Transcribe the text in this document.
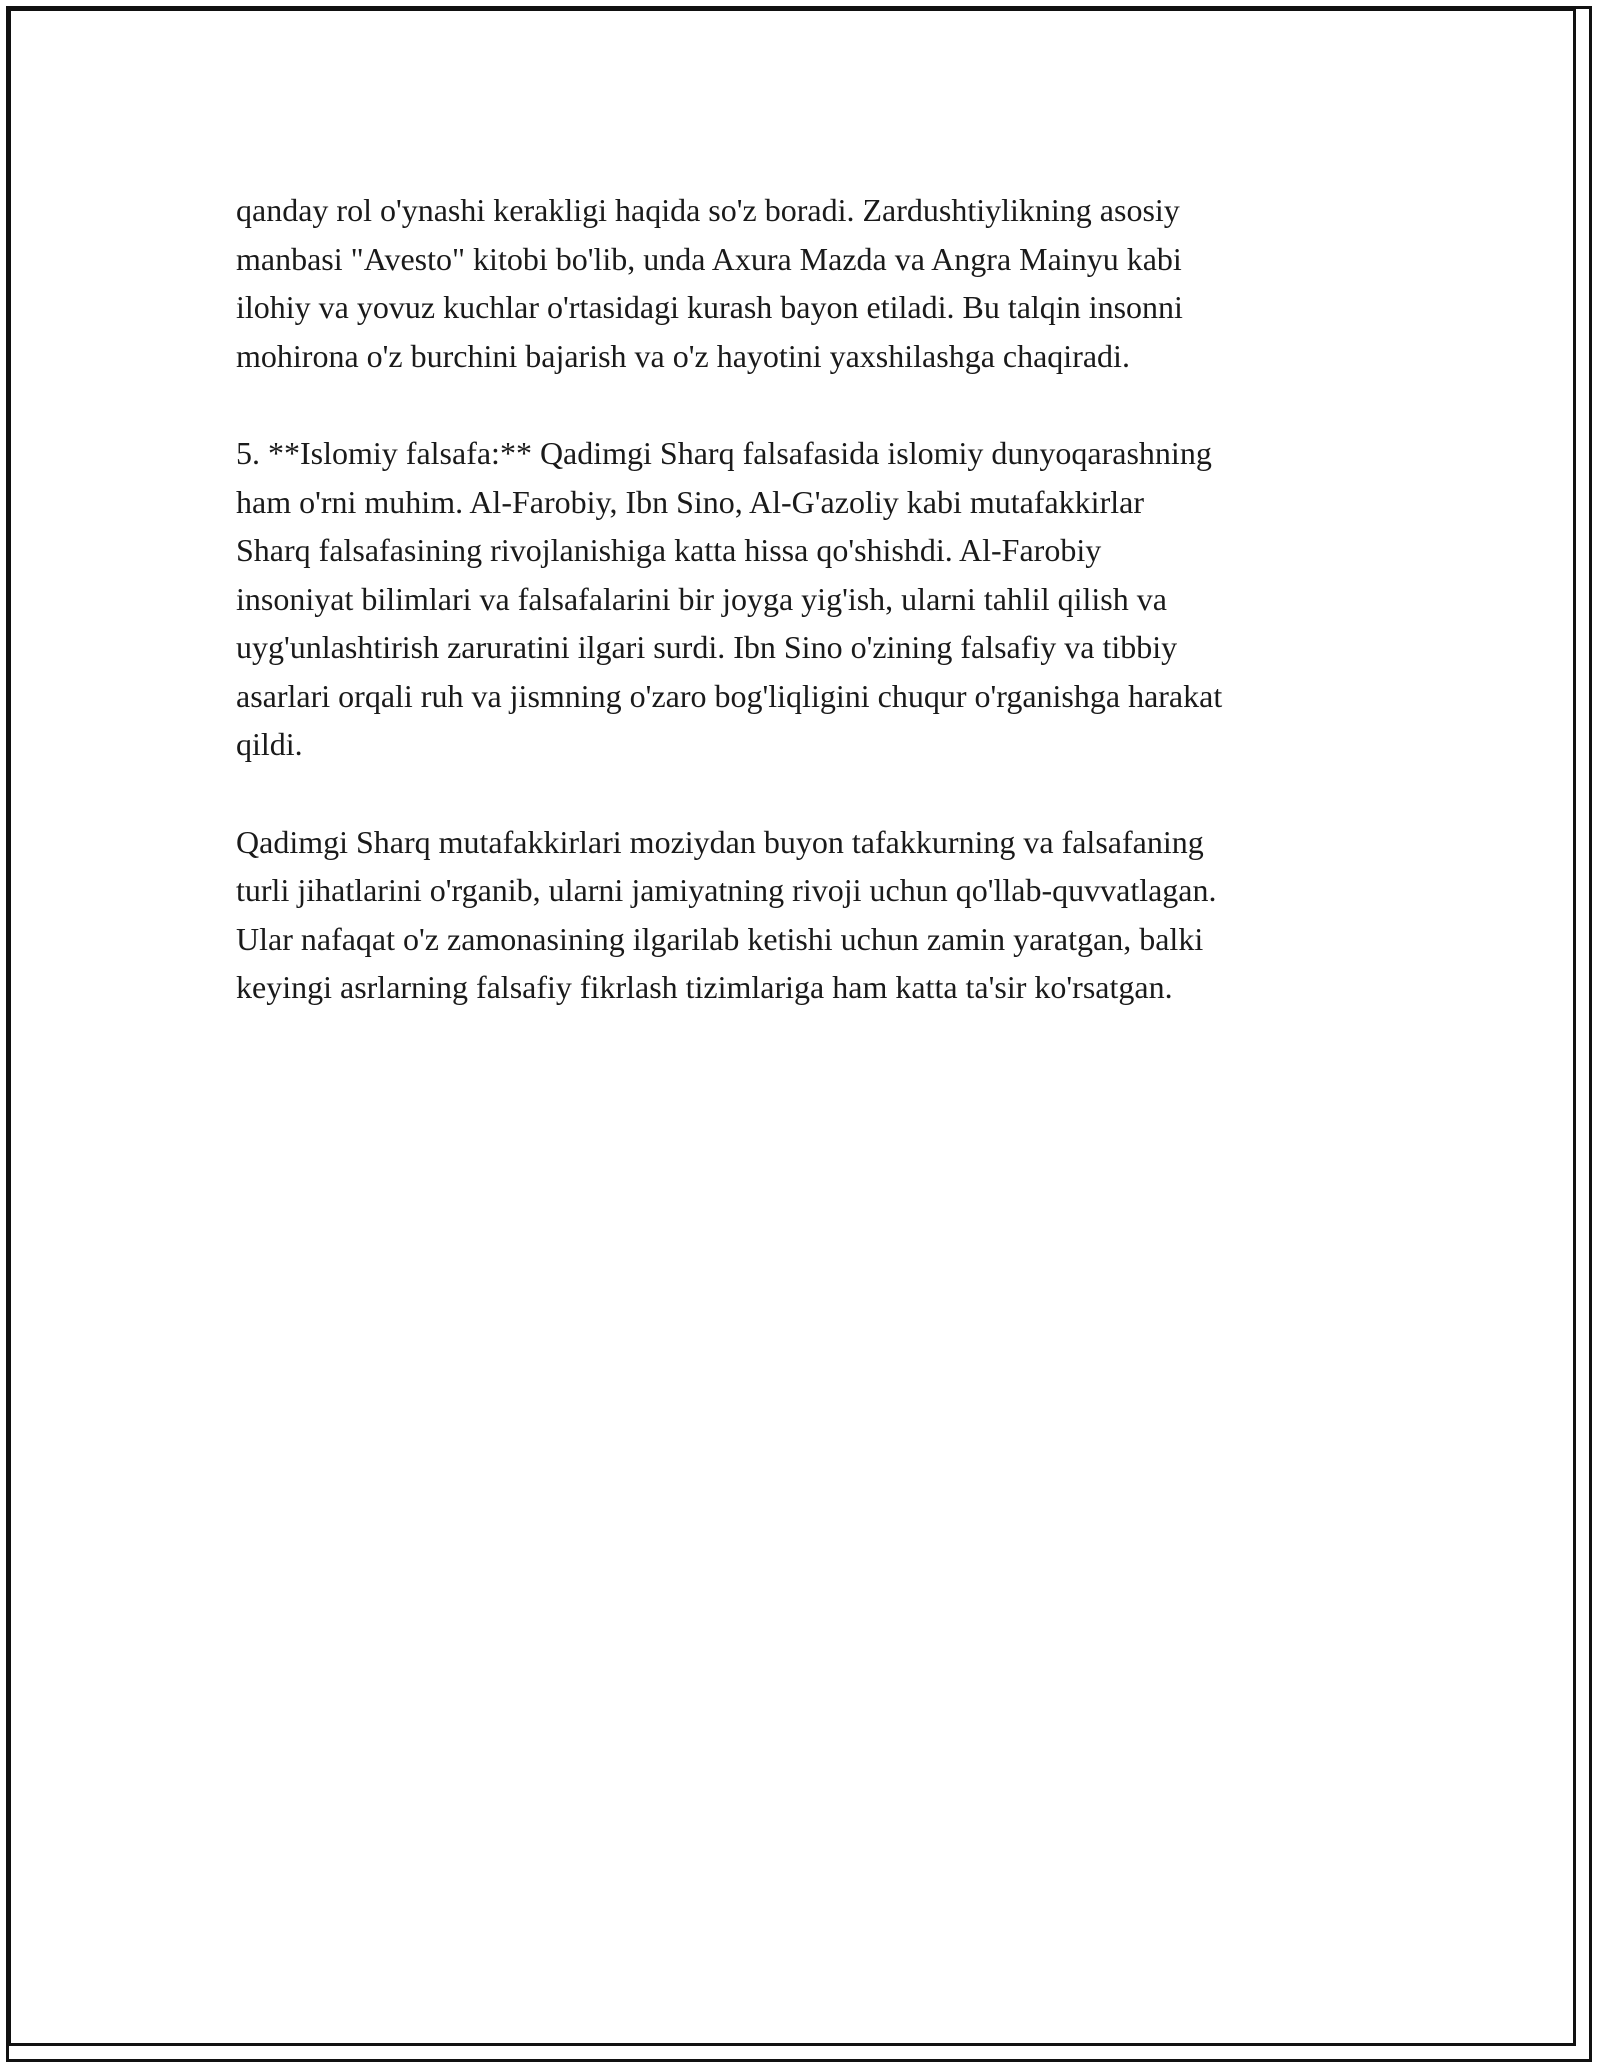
qanday rol o'ynashi kerakligi haqida so'z boradi. Zardushtiylikning asosiy
manbasi "Avesto" kitobi bo'lib, unda Axura Mazda va Angra Mainyu kabi
ilohiy va yovuz kuchlar o'rtasidagi kurash bayon etiladi. Bu talqin insonni
mohirona o'z burchini bajarish va o'z hayotini yaxshilashga chaqiradi.

5. **Islomiy falsafa:** Qadimgi Sharq falsafasida islomiy dunyoqarashning
ham o'rni muhim. Al-Farobiy, Ibn Sino, Al-G'azoliy kabi mutafakkirlar
Sharq falsafasining rivojlanishiga katta hissa qo'shishdi. Al-Farobiy
insoniyat bilimlari va falsafalarini bir joyga yig'ish, ularni tahlil qilish va
uyg'unlashtirish zaruratini ilgari surdi. Ibn Sino o'zining falsafiy va tibbiy
asarlari orqali ruh va jismning o'zaro bog'liqligini chuqur o'rganishga harakat
qildi.

Qadimgi Sharq mutafakkirlari moziydan buyon tafakkurning va falsafaning
turli jihatlarini o'rganib, ularni jamiyatning rivoji uchun qo'llab-quvvatlagan.
Ular nafaqat o'z zamonasining ilgarilab ketishi uchun zamin yaratgan, balki
keyingi asrlarning falsafiy fikrlash tizimlariga ham katta ta'sir ko'rsatgan.
